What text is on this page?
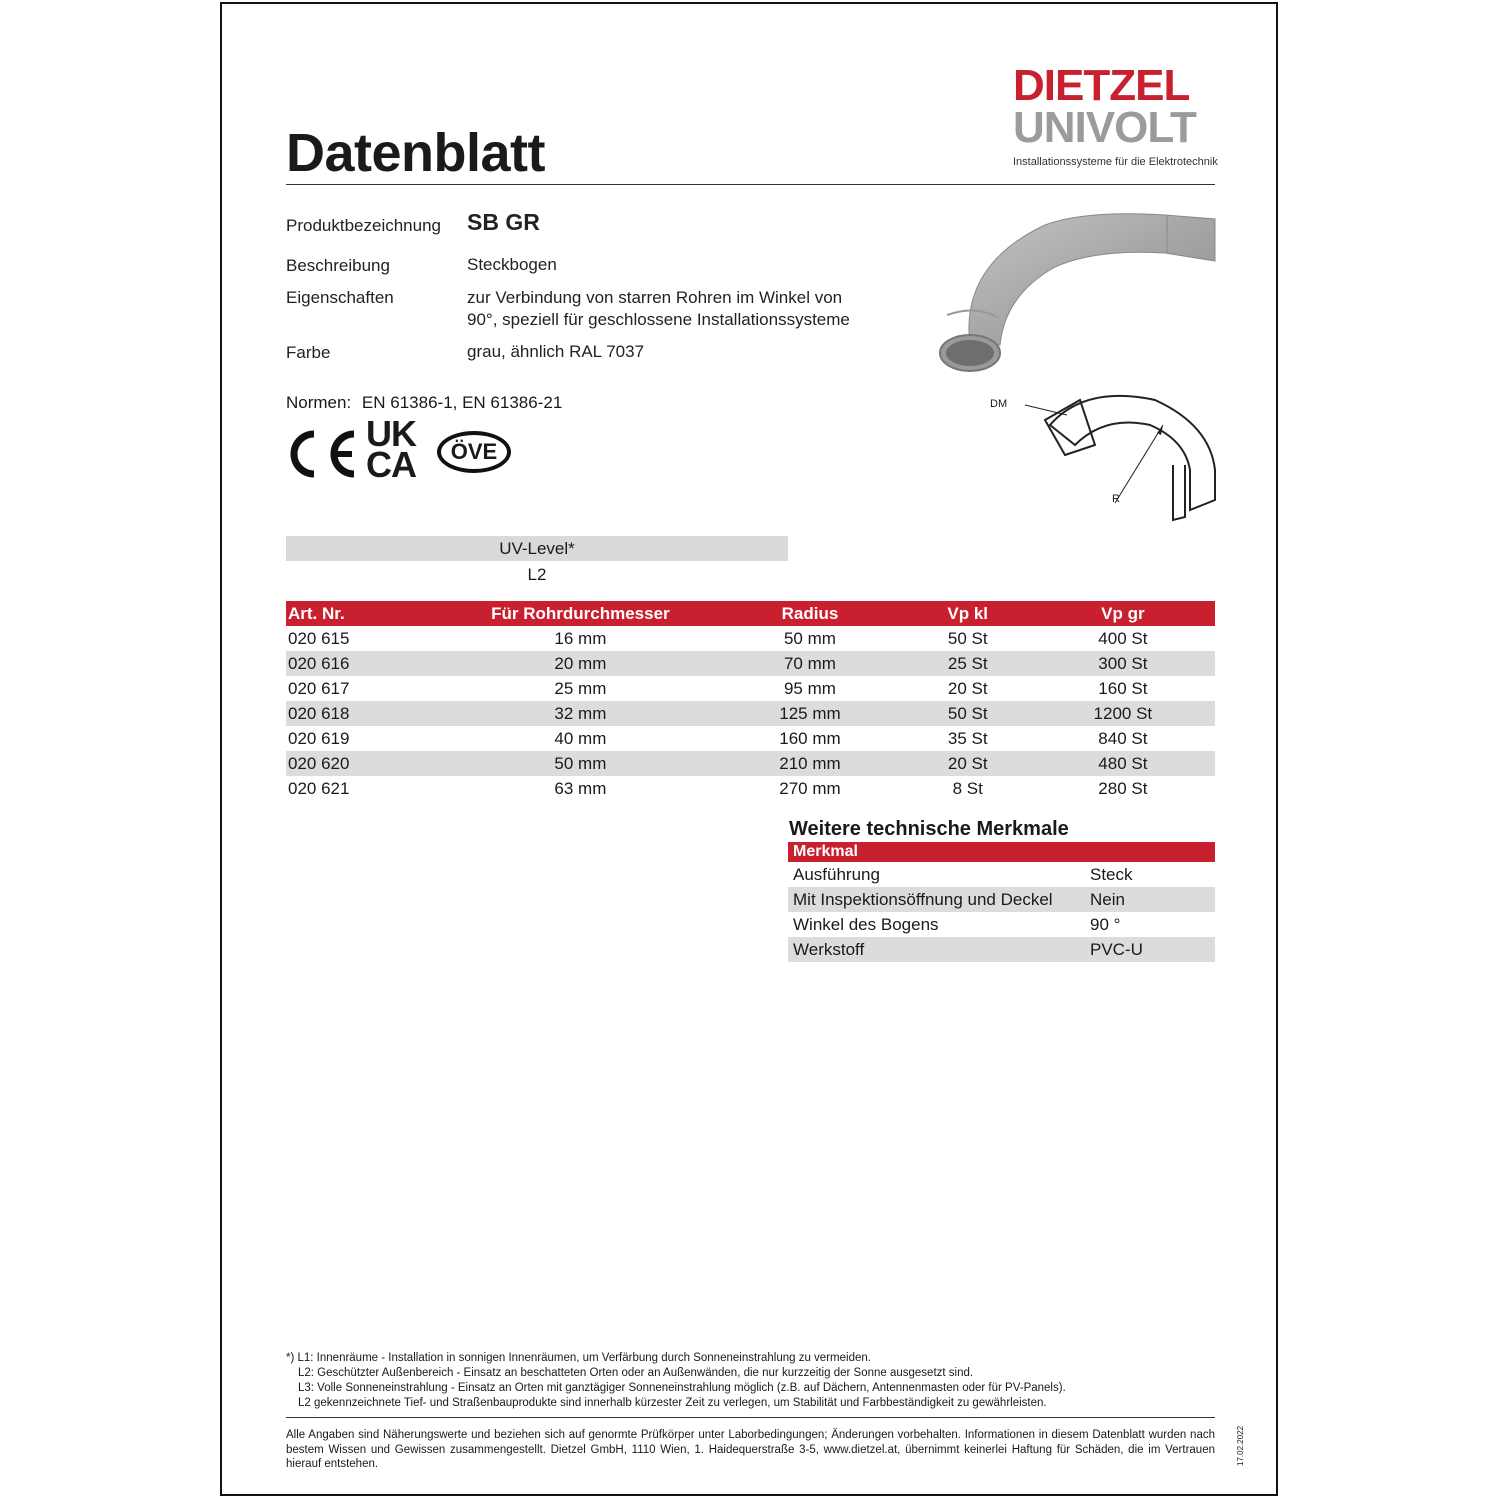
Datenblatt
DIETZEL
UNIVOLT
Installationssysteme für die Elektrotechnik
Produktbezeichnung SB GR
Beschreibung	Steckbogen
Eigenschaften	zur Verbindung von starren Rohren im Winkel von
90°, speziell für geschlossene Installationssysteme
Farbe	grau, ähnlich RAL 7037
Normen: EN 61386-1, EN 61386-21
UK
CA	ÖVE
DM
R
UV-Level*
L2
Art. Nr.	Für Rohrdurchmesser	Radius	Vp kl	Vp gr
020 615	16 mm	50 mm	50 St	400 St
020 616	20 mm	70 mm	25 St	300 St
020 617	25 mm	95 mm	20 St	160 St
020 618	32 mm	125 mm	50 St	1200 St
020 619	40 mm	160 mm	35 St	840 St
020 620	50 mm	210 mm	20 St	480 St
020 621	63 mm	270 mm	8 St	280 St
Weitere technische Merkmale
Merkmal	
Ausführung	Steck
Mit Inspektionsöffnung und Deckel	Nein
Winkel des Bogens	90 °
Werkstoff	PVC-U
*) L1: Innenräume - Installation in sonnigen Innenräumen, um Verfärbung durch Sonneneinstrahlung zu vermeiden.
L2: Geschützter Außenbereich - Einsatz an beschatteten Orten oder an Außenwänden, die nur kurzzeitig der Sonne ausgesetzt sind.
L3: Volle Sonneneinstrahlung - Einsatz an Orten mit ganztägiger Sonneneinstrahlung möglich (z.B. auf Dächern, Antennenmasten oder für PV-Panels).
L2 gekennzeichnete Tief- und Straßenbauprodukte sind innerhalb kürzester Zeit zu verlegen, um Stabilität und Farbbeständigkeit zu gewährleisten.
Alle Angaben sind Näherungswerte und beziehen sich auf genormte Prüfkörper unter Laborbedingungen; Änderungen vorbehalten. Informationen in diesem Datenblatt wurden nach bestem Wissen und Gewissen zusammengestellt. Dietzel GmbH, 1110 Wien, 1. Haidequerstraße 3-5, www.dietzel.at, übernimmt keinerlei Haftung für Schäden, die im Vertrauen hierauf entstehen.	17.02.2022
